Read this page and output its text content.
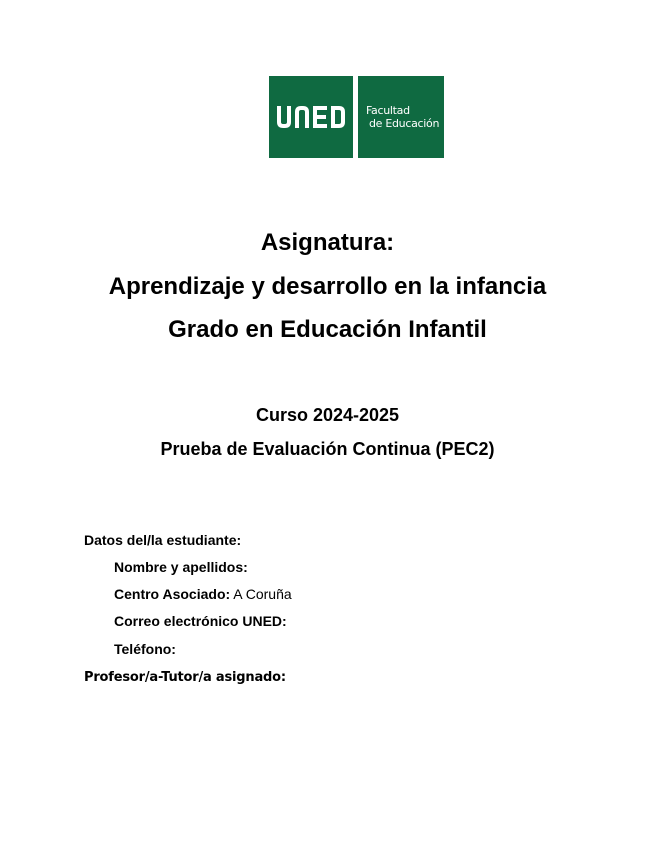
Facultad
de Educación
Asignatura:
Aprendizaje y desarrollo en la infancia
Grado en Educación Infantil

Curso 2024-2025

Prueba de Evaluación Continua (PEC2)

Datos del/la estudiante:

Nombre y apellidos:

Centro Asociado: A Coruña

Correo electrónico UNED:

Teléfono:

Profesor/a-Tutor/a asignado:
